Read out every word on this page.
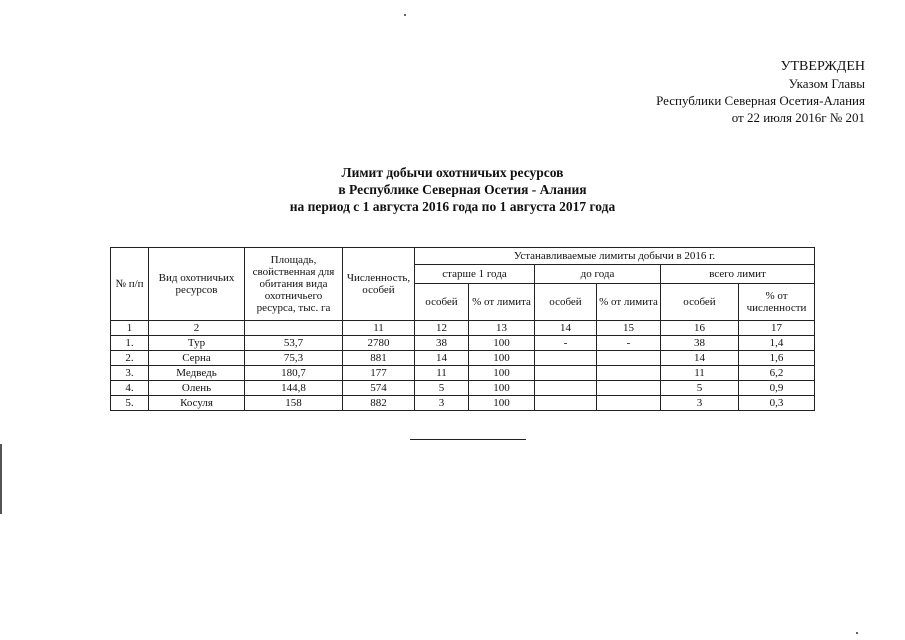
УТВЕРЖДЕН
Указом Главы
Республики Северная Осетия-Алания
от 22 июля 2016г № 201
Лимит добычи охотничьих ресурсов
в Республике Северная Осетия - Алания
на период с 1 августа 2016 года по 1 августа 2017 года
№ п/п	Вид охотничьих ресурсов	Площадь, свойственная для обитания вида охотничьего ресурса, тыс. га	Численность, особей	Устанавливаемые лимиты добычи в 2016 г.					
				старше 1 года		до года		всего лимит	
				особей	% от лимита	особей	% от лимита	особей	% от численности
1	2		11	12	13	14	15	16	17
1.	Тур	53,7	2780	38	100	-	-	38	1,4
2.	Серна	75,3	881	14	100			14	1,6
3.	Медведь	180,7	177	11	100			11	6,2
4.	Олень	144,8	574	5	100			5	0,9
5.	Косуля	158	882	3	100			3	0,3
